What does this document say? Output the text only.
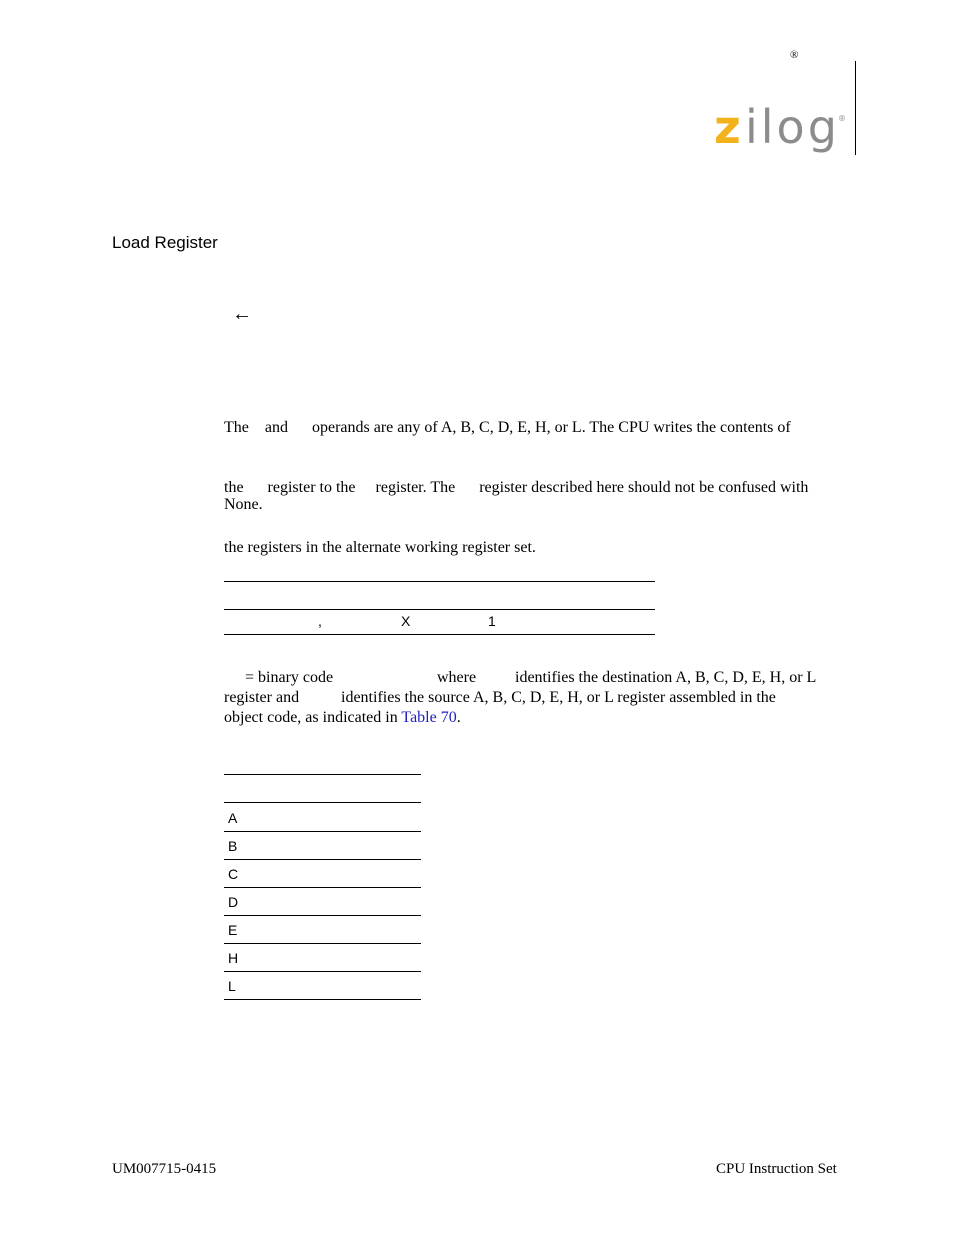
®
z ilog
®
Load Register
←

The    and      operands are any of A, B, C, D, E, H, or L. The CPU writes the contents of

the      register to the     register. The      register described here should not be confused with

the registers in the alternate working register set.

None.
,	X	1
= binary code	where identifies the destination A, B, C, D, E, H, or L
register and	identifies the source A, B, C, D, E, H, or L register assembled in the
object code, as indicated in Table 70.
A
B
C
D
E
H
L
UM007715-0415	CPU Instruction Set
